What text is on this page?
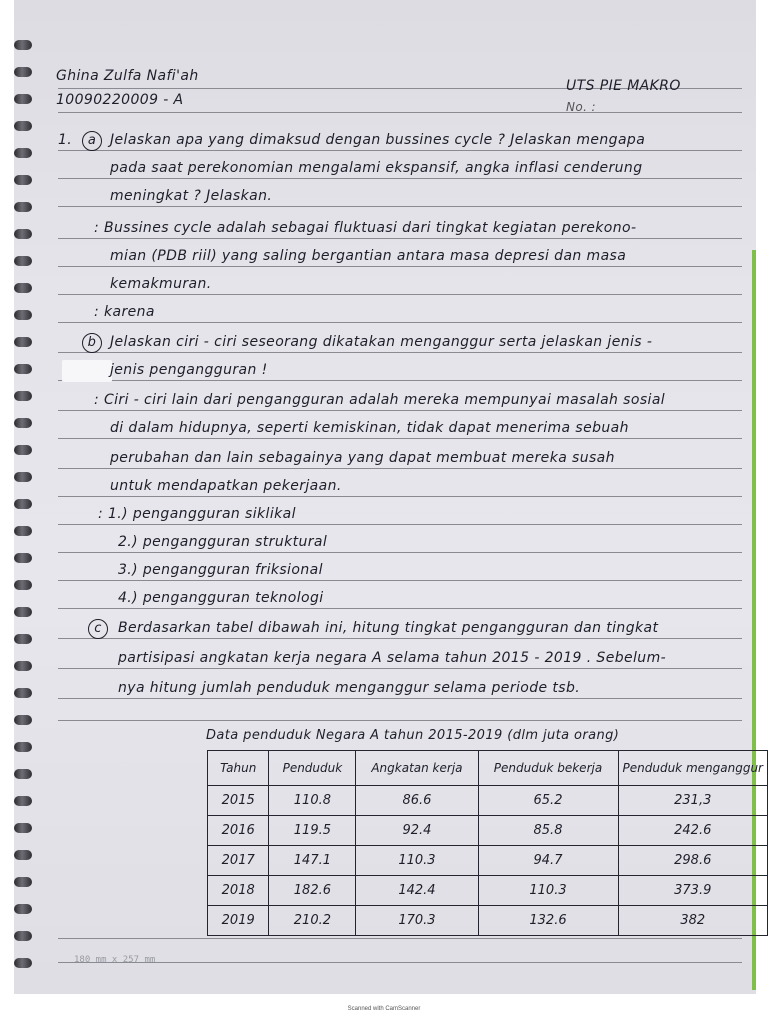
Ghina Zulfa Nafi'ah
10090220009 - A
UTS PIE MAKRO
No. :
1.	a Jelaskan apa yang dimaksud dengan bussines cycle ? Jelaskan mengapa
pada saat perekonomian mengalami ekspansif, angka inflasi cenderung
meningkat ? Jelaskan.
: Bussines cycle adalah sebagai fluktuasi dari tingkat kegiatan perekono-
mian (PDB riil) yang saling bergantian antara masa depresi dan masa
kemakmuran.
: karena
b Jelaskan ciri - ciri seseorang dikatakan menganggur serta jelaskan jenis -
jenis pengangguran !
: Ciri - ciri lain dari pengangguran adalah mereka mempunyai masalah sosial
di dalam hidupnya, seperti kemiskinan, tidak dapat menerima sebuah
perubahan dan lain sebagainya yang dapat membuat mereka susah
untuk mendapatkan pekerjaan.
: 1.) pengangguran siklikal
2.) pengangguran struktural
3.) pengangguran friksional
4.) pengangguran teknologi
c	Berdasarkan tabel dibawah ini, hitung tingkat pengangguran dan tingkat
partisipasi angkatan kerja negara A selama tahun 2015 - 2019 . Sebelum-
nya hitung jumlah penduduk menganggur selama periode tsb.
Data penduduk Negara A tahun 2015-2019 (dlm juta orang)
180 mm x 257 mm
Tahun	Penduduk	Angkatan kerja	Penduduk bekerja	Penduduk menganggur
2015	110.8	86.6	65.2	231,3
2016	119.5	92.4	85.8	242.6
2017	147.1	110.3	94.7	298.6
2018	182.6	142.4	110.3	373.9
2019	210.2	170.3	132.6	382
Scanned with CamScanner
